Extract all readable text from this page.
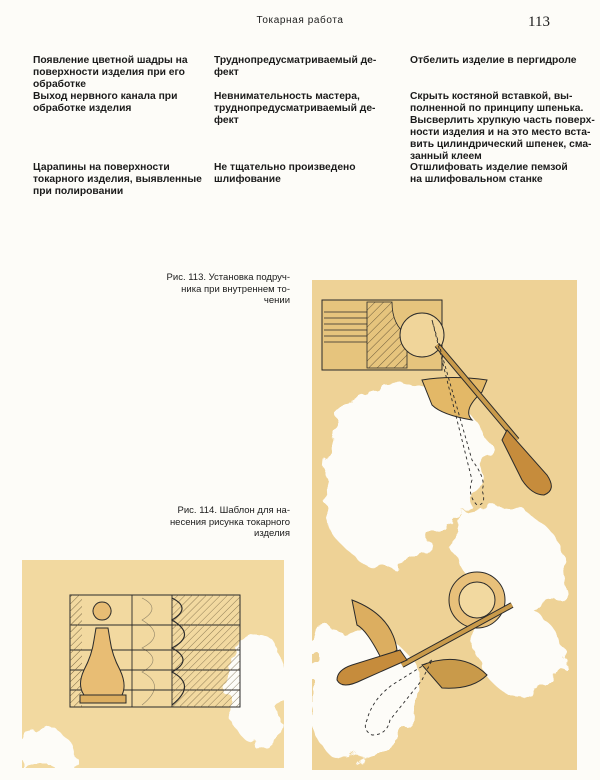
Токарная работа	113
Появление цветной шадры на
поверхности изделия при его
обработке
Труднопредусматриваемый де-
фект
Отбелить изделие в пергидроле
Выход нервного канала при
обработке изделия
Невнимательность мастера,
труднопредусматриваемый де-
фект
Скрыть костяной вставкой, вы-
полненной по принципу шпенька.
Высверлить хрупкую часть поверх-
ности изделия и на это место вста-
вить цилиндрический шпенек, сма-
занный клеем
Царапины на поверхности
токарного изделия, выявленные
при полировании
Не тщательно произведено
шлифование
Отшлифовать изделие пемзой
на шлифовальном станке
Рис. 113. Установка подруч-
ника при внутреннем то-
чении
Рис. 114. Шаблон для на-
несения рисунка токарного
изделия
